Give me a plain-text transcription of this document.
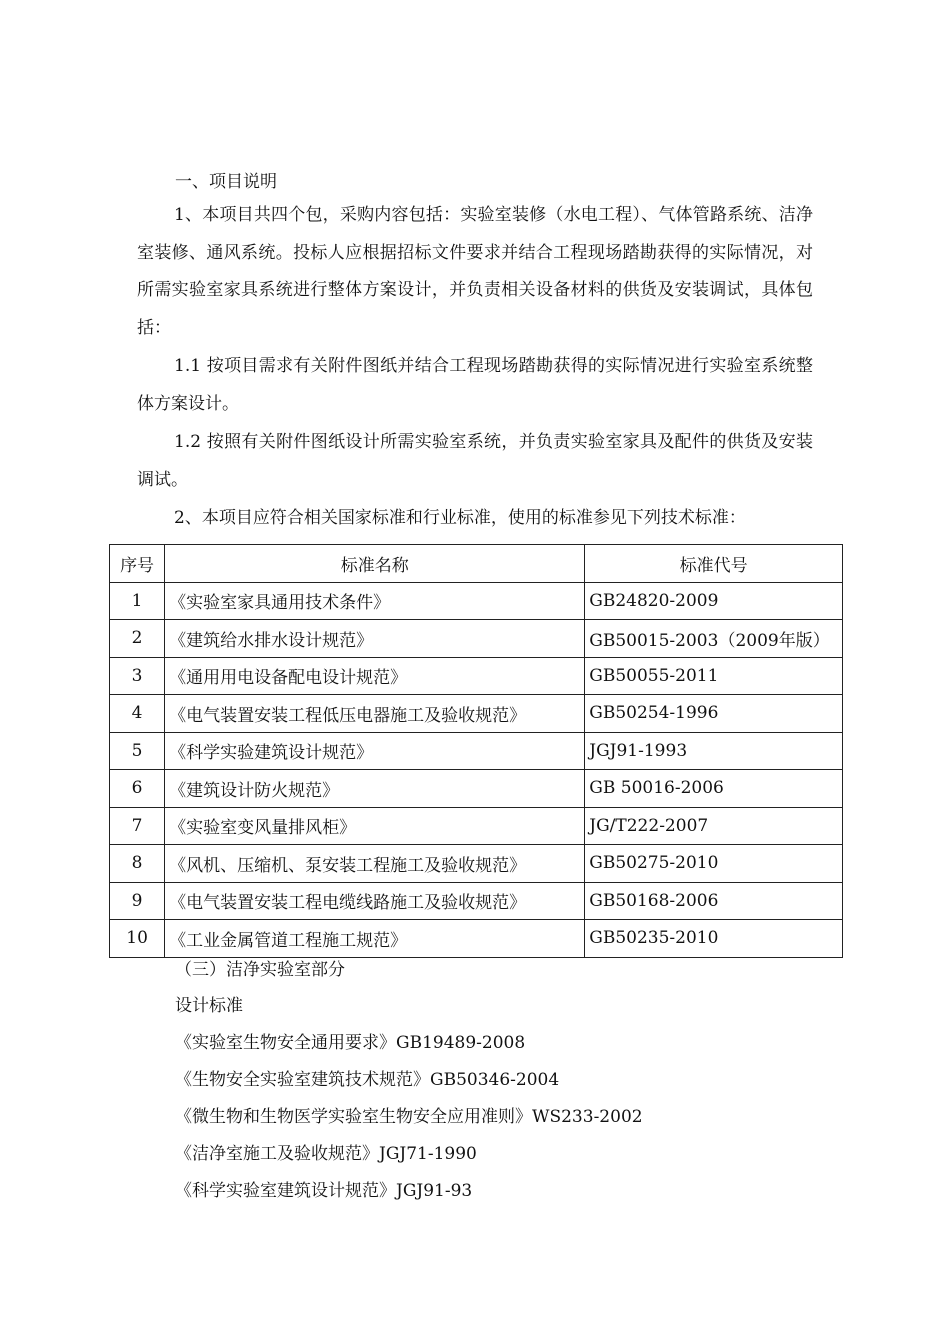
一、项目说明
1、本项目共四个包，采购内容包括：实验室装修（水电工程）、气体管路系统、洁净室装修、通风系统。投标人应根据招标文件要求并结合工程现场踏勘获得的实际情况，对所需实验室家具系统进行整体方案设计，并负责相关设备材料的供货及安装调试，具体包括：
1.1 按项目需求有关附件图纸并结合工程现场踏勘获得的实际情况进行实验室系统整体方案设计。
1.2 按照有关附件图纸设计所需实验室系统，并负责实验室家具及配件的供货及安装调试。
2、本项目应符合相关国家标准和行业标准，使用的标准参见下列技术标准：
序号	标准名称	标准代号
1	《实验室家具通用技术条件》	GB24820-2009
2	《建筑给水排水设计规范》	GB50015-2003（2009年版）
3	《通用用电设备配电设计规范》	GB50055-2011
4	《电气装置安装工程低压电器施工及验收规范》	GB50254-1996
5	《科学实验建筑设计规范》	JGJ91-1993
6	《建筑设计防火规范》	GB 50016-2006
7	《实验室变风量排风柜》	JG/T222-2007
8	《风机、压缩机、泵安装工程施工及验收规范》	GB50275-2010
9	《电气装置安装工程电缆线路施工及验收规范》	GB50168-2006
10	《工业金属管道工程施工规范》	GB50235-2010
（三）洁净实验室部分
设计标准
《实验室生物安全通用要求》GB19489-2008
《生物安全实验室建筑技术规范》GB50346-2004
《微生物和生物医学实验室生物安全应用准则》WS233-2002
《洁净室施工及验收规范》JGJ71-1990
《科学实验室建筑设计规范》JGJ91-93
